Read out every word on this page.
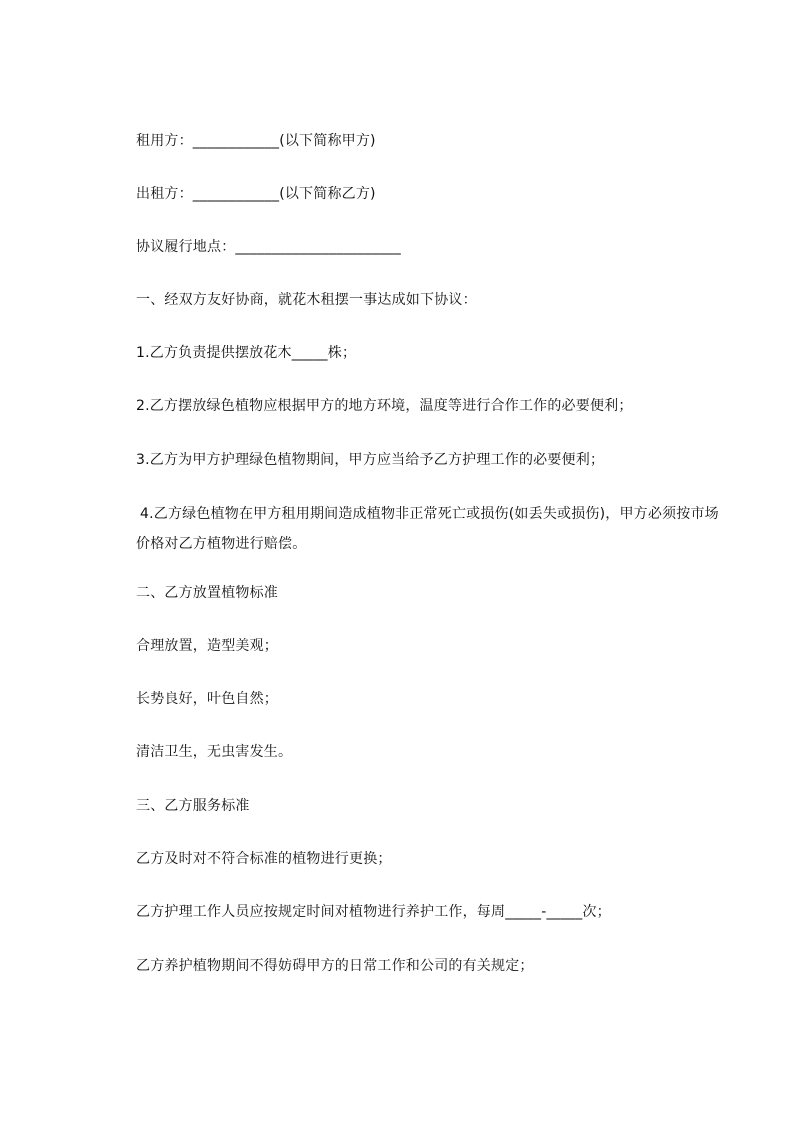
租用方：____________(以下简称甲方)
出租方：____________(以下简称乙方)
协议履行地点：_______________________
一、经双方友好协商，就花木租摆一事达成如下协议：
1.乙方负责提供摆放花木_____株；
2.乙方摆放绿色植物应根据甲方的地方环境，温度等进行合作工作的必要便利；
3.乙方为甲方护理绿色植物期间，甲方应当给予乙方护理工作的必要便利；
4.乙方绿色植物在甲方租用期间造成植物非正常死亡或损伤(如丢失或损伤)，甲方必须按市场价格对乙方植物进行赔偿。
二、乙方放置植物标准
合理放置，造型美观；
长势良好，叶色自然；
清洁卫生，无虫害发生。
三、乙方服务标准
乙方及时对不符合标准的植物进行更换；
乙方护理工作人员应按规定时间对植物进行养护工作，每周_____-_____次；
乙方养护植物期间不得妨碍甲方的日常工作和公司的有关规定；
